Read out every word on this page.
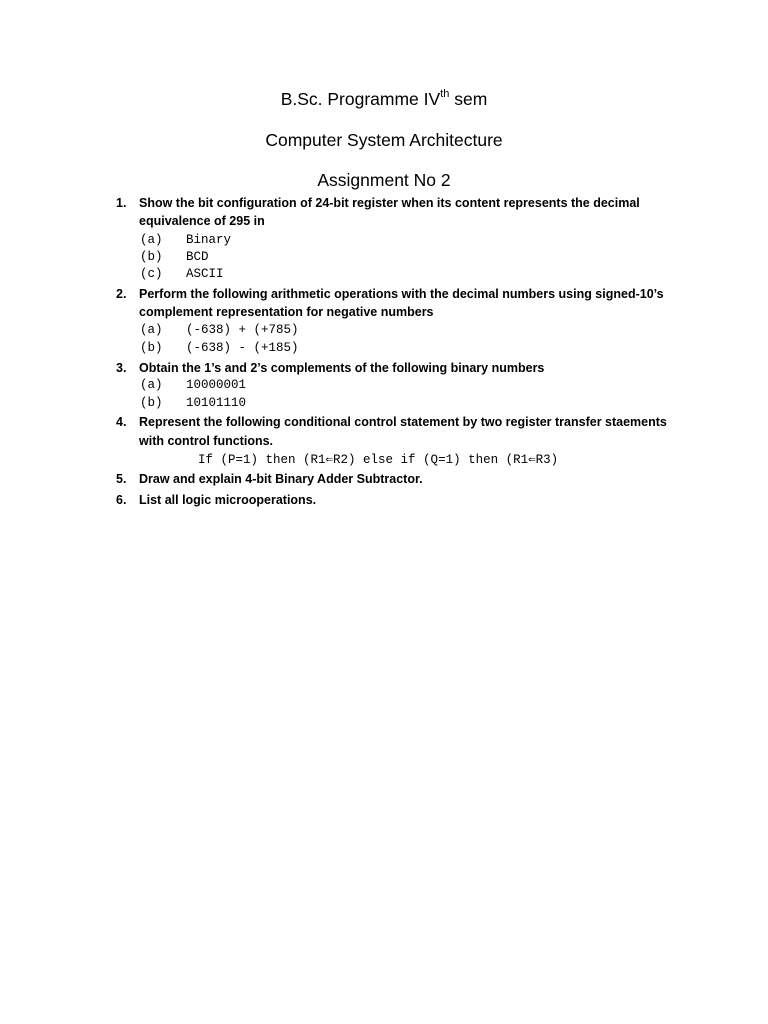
B.Sc. Programme IVth sem
Computer System Architecture
Assignment No 2
1.	Show the bit configuration of 24-bit register when its content represents the decimal
equivalence of 295 in
(a) Binary
(b) BCD
(c) ASCII
2.	Perform the following arithmetic operations with the decimal numbers using signed-10’s
complement representation for negative numbers
(a) (-638) + (+785)
(b) (-638) - (+185)
3.	Obtain the 1’s and 2’s complements of the following binary numbers
(a) 10000001
(b) 10101110
4.	Represent the following conditional control statement by two register transfer staements
with control functions.
If (P=1) then (R1⇐R2) else if (Q=1) then (R1⇐R3)
5.	Draw and explain 4-bit Binary Adder Subtractor.
6.	List all logic microoperations.
